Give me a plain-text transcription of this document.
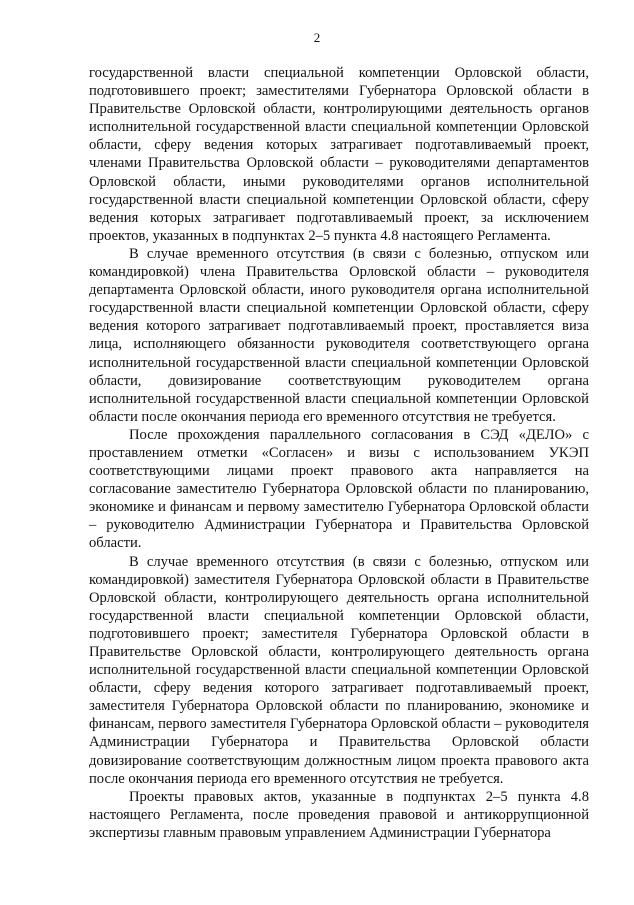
2

государственной власти специальной компетенции Орловской области, подготовившего проект; заместителями Губернатора Орловской области в Правительстве Орловской области, контролирующими деятельность органов исполнительной государственной власти специальной компетенции Орловской области, сферу ведения которых затрагивает подготавливаемый проект, членами Правительства Орловской области – руководителями департаментов Орловской области, иными руководителями органов исполнительной государственной власти специальной компетенции Орловской области, сферу ведения которых затрагивает подготавливаемый проект, за исключением проектов, указанных в подпунктах 2–5 пункта 4.8 настоящего Регламента.

В случае временного отсутствия (в связи с болезнью, отпуском или командировкой) члена Правительства Орловской области – руководителя департамента Орловской области, иного руководителя органа исполнительной государственной власти специальной компетенции Орловской области, сферу ведения которого затрагивает подготавливаемый проект, проставляется виза лица, исполняющего обязанности руководителя соответствующего органа исполнительной государственной власти специальной компетенции Орловской области, довизирование соответствующим руководителем органа исполнительной государственной власти специальной компетенции Орловской области после окончания периода его временного отсутствия не требуется.

После прохождения параллельного согласования в СЭД «ДЕЛО» с проставлением отметки «Согласен» и визы с использованием УКЭП соответствующими лицами проект правового акта направляется на согласование заместителю Губернатора Орловской области по планированию, экономике и финансам и первому заместителю Губернатора Орловской области – руководителю Администрации Губернатора и Правительства Орловской области.

В случае временного отсутствия (в связи с болезнью, отпуском или командировкой) заместителя Губернатора Орловской области в Правительстве Орловской области, контролирующего деятельность органа исполнительной государственной власти специальной компетенции Орловской области, подготовившего проект; заместителя Губернатора Орловской области в Правительстве Орловской области, контролирующего деятельность органа исполнительной государственной власти специальной компетенции Орловской области, сферу ведения которого затрагивает подготавливаемый проект, заместителя Губернатора Орловской области по планированию, экономике и финансам, первого заместителя Губернатора Орловской области – руководителя Администрации Губернатора и Правительства Орловской области довизирование соответствующим должностным лицом проекта правового акта после окончания периода его временного отсутствия не требуется.

Проекты правовых актов, указанные в подпунктах 2–5 пункта 4.8 настоящего Регламента, после проведения правовой и антикоррупционной экспертизы главным правовым управлением Администрации Губернатора
